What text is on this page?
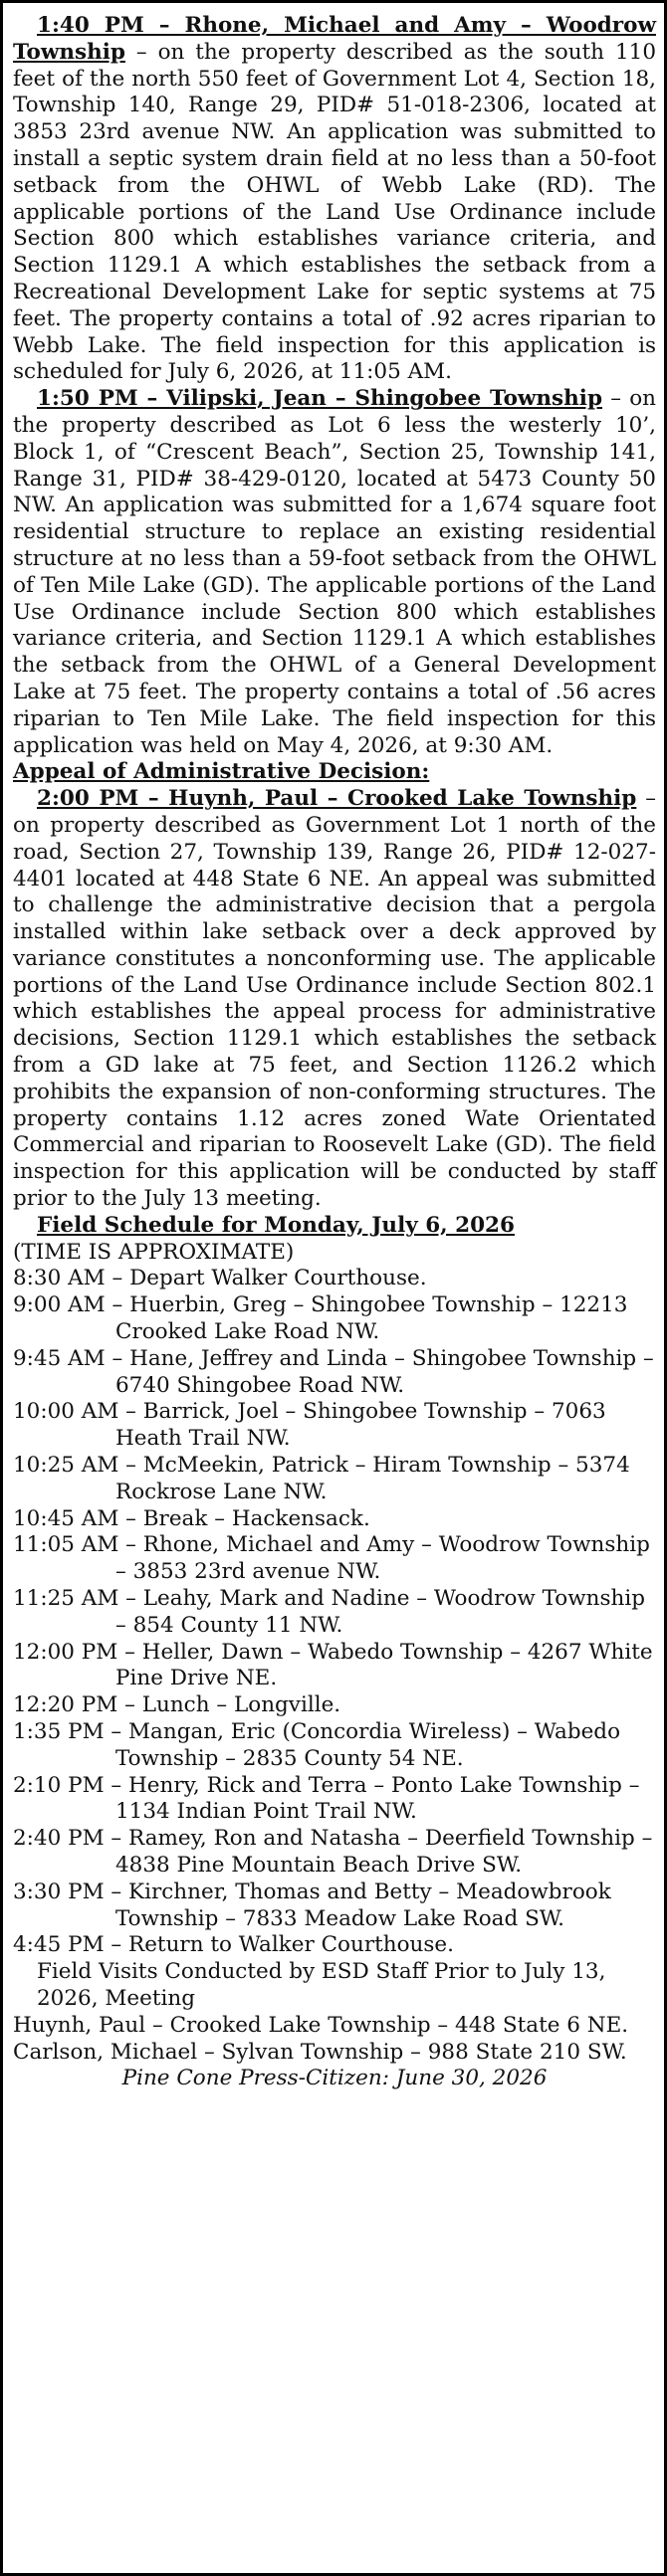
1:40 PM – Rhone, Michael and Amy – Woodrow Township – on the property described as the south 110 feet of the north 550 feet of Government Lot 4, Section 18, Township 140, Range 29, PID# 51-018-2306, located at 3853 23rd avenue NW. An application was submitted to install a septic system drain field at no less than a 50-foot setback from the OHWL of Webb Lake (RD). The applicable portions of the Land Use Ordinance include Section 800 which establishes variance criteria, and Section 1129.1 A which establishes the setback from a Recreational Development Lake for septic systems at 75 feet. The property contains a total of .92 acres riparian to Webb Lake. The field inspection for this application is scheduled for July 6, 2026, at 11:05 AM.

1:50 PM – Vilipski, Jean – Shingobee Township – on the property described as Lot 6 less the westerly 10’, Block 1, of “Crescent Beach”, Section 25, Township 141, Range 31, PID# 38-429-0120, located at 5473 County 50 NW. An application was submitted for a 1,674 square foot residential structure to replace an existing residential structure at no less than a 59-foot setback from the OHWL of Ten Mile Lake (GD). The applicable portions of the Land Use Ordinance include Section 800 which establishes variance criteria, and Section 1129.1 A which establishes the setback from the OHWL of a General Development Lake at 75 feet. The property contains a total of .56 acres riparian to Ten Mile Lake. The field inspection for this application was held on May 4, 2026, at 9:30 AM.

Appeal of Administrative Decision:

2:00 PM – Huynh, Paul – Crooked Lake Township – on property described as Government Lot 1 north of the road, Section 27, Township 139, Range 26, PID# 12-027-4401 located at 448 State 6 NE. An appeal was submitted to challenge the administrative decision that a pergola installed within lake setback over a deck approved by variance constitutes a nonconforming use. The applicable portions of the Land Use Ordinance include Section 802.1 which establishes the appeal process for administrative decisions, Section 1129.1 which establishes the setback from a GD lake at 75 feet, and Section 1126.2 which prohibits the expansion of non-conforming structures. The property contains 1.12 acres zoned Wate Orientated Commercial and riparian to Roosevelt Lake (GD). The field inspection for this application will be conducted by staff prior to the July 13 meeting.

Field Schedule for Monday, July 6, 2026

(TIME IS APPROXIMATE)

8:30 AM – Depart Walker Courthouse.

9:00 AM – Huerbin, Greg – Shingobee Township – 12213 Crooked Lake Road NW.

9:45 AM – Hane, Jeffrey and Linda – Shingobee Township – 6740 Shingobee Road NW.

10:00 AM – Barrick, Joel – Shingobee Township – 7063 Heath Trail NW.

10:25 AM – McMeekin, Patrick – Hiram Township – 5374 Rockrose Lane NW.

10:45 AM – Break – Hackensack.

11:05 AM – Rhone, Michael and Amy – Woodrow Township – 3853 23rd avenue NW.

11:25 AM – Leahy, Mark and Nadine – Woodrow Township – 854 County 11 NW.

12:00 PM – Heller, Dawn – Wabedo Township – 4267 White Pine Drive NE.

12:20 PM – Lunch – Longville.

1:35 PM – Mangan, Eric (Concordia Wireless) – Wabedo Township – 2835 County 54 NE.

2:10 PM – Henry, Rick and Terra – Ponto Lake Township – 1134 Indian Point Trail NW.

2:40 PM – Ramey, Ron and Natasha – Deerfield Township – 4838 Pine Mountain Beach Drive SW.

3:30 PM – Kirchner, Thomas and Betty – Meadowbrook Township – 7833 Meadow Lake Road SW.

4:45 PM – Return to Walker Courthouse.

Field Visits Conducted by ESD Staff Prior to July 13, 2026, Meeting

Huynh, Paul – Crooked Lake Township – 448 State 6 NE.

Carlson, Michael – Sylvan Township – 988 State 210 SW.

Pine Cone Press-Citizen: June 30, 2026
